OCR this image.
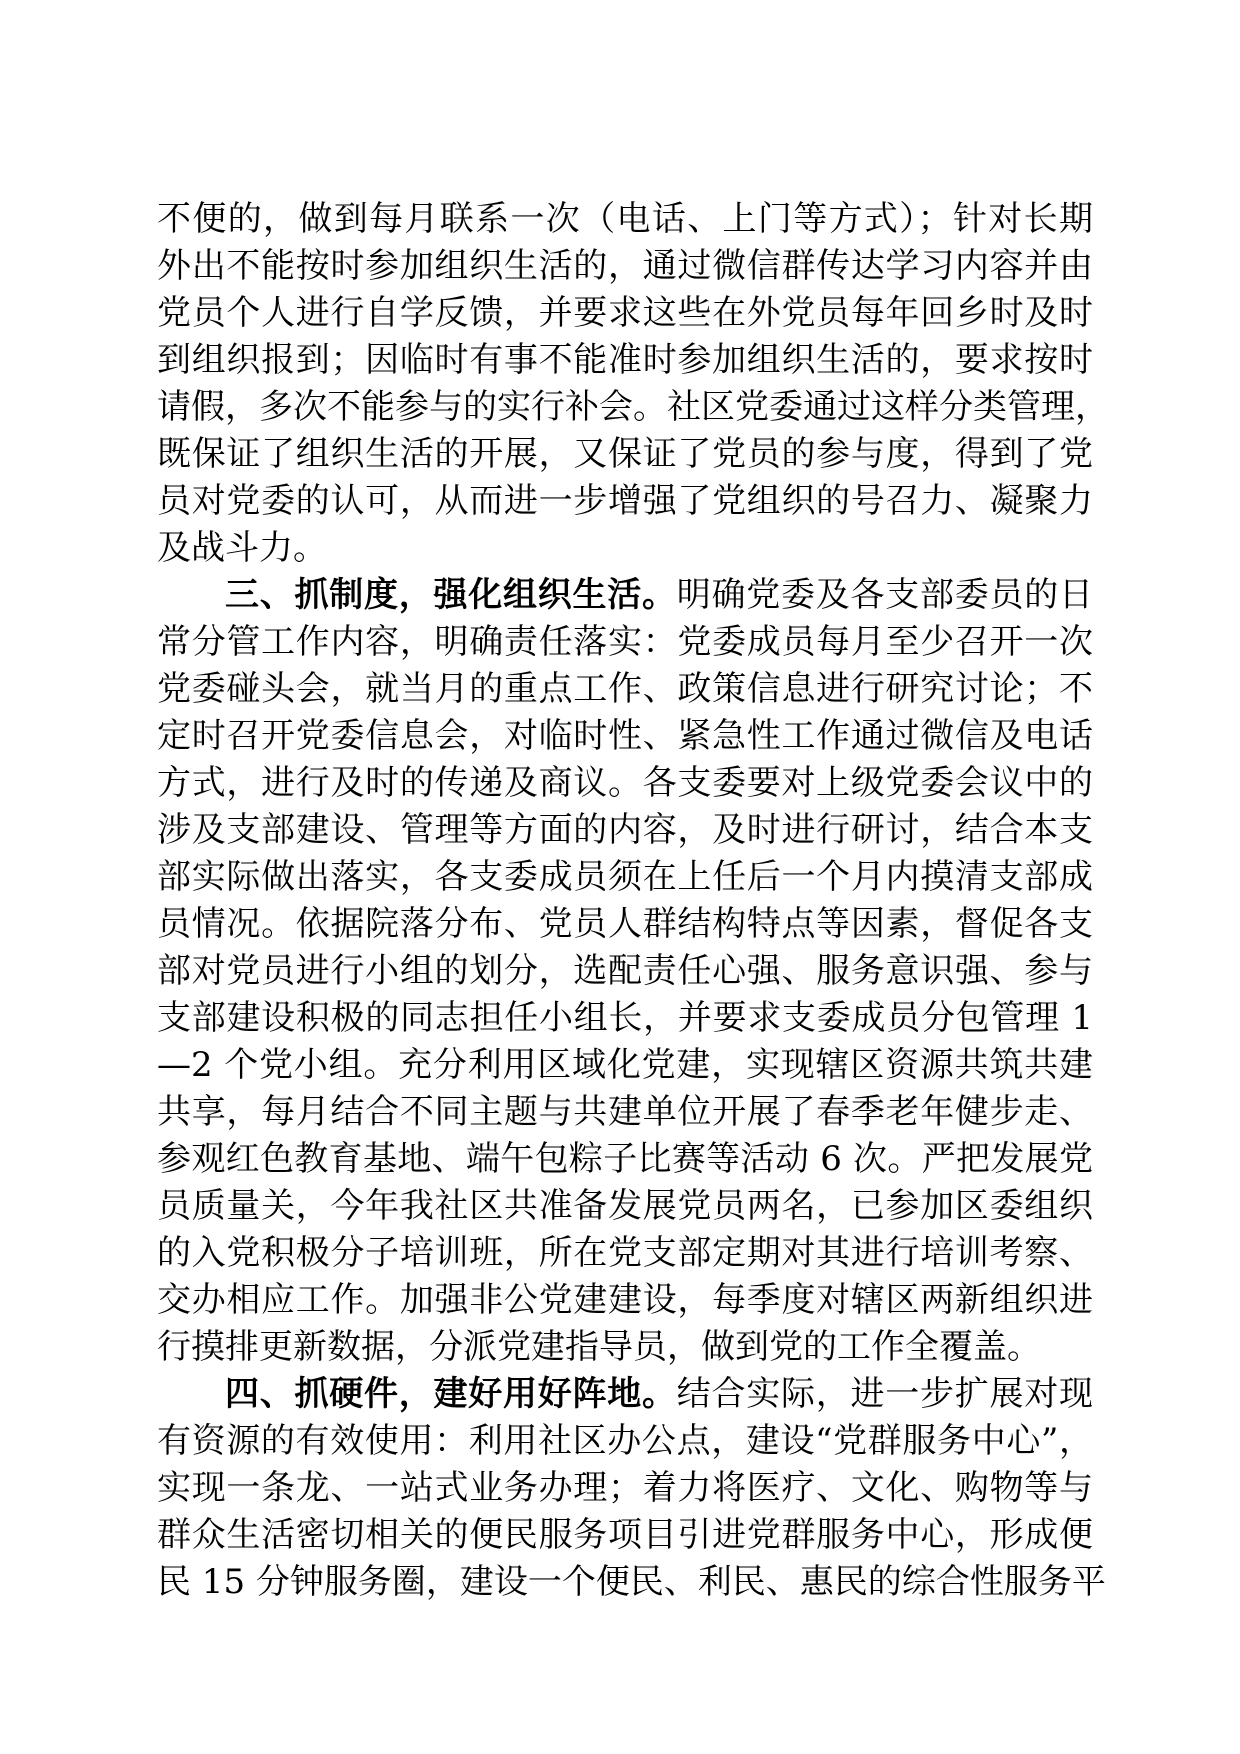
不便的，做到每月联系一次（电话、上门等方式）；针对长期
外出不能按时参加组织生活的，通过微信群传达学习内容并由
党员个人进行自学反馈，并要求这些在外党员每年回乡时及时
到组织报到；因临时有事不能准时参加组织生活的，要求按时
请假，多次不能参与的实行补会。社区党委通过这样分类管理，
既保证了组织生活的开展，又保证了党员的参与度，得到了党
员对党委的认可，从而进一步增强了党组织的号召力、凝聚力
及战斗力。
三、抓制度，强化组织生活。明确党委及各支部委员的日
常分管工作内容，明确责任落实：党委成员每月至少召开一次
党委碰头会，就当月的重点工作、政策信息进行研究讨论；不
定时召开党委信息会，对临时性、紧急性工作通过微信及电话
方式，进行及时的传递及商议。各支委要对上级党委会议中的
涉及支部建设、管理等方面的内容，及时进行研讨，结合本支
部实际做出落实，各支委成员须在上任后一个月内摸清支部成
员情况。依据院落分布、党员人群结构特点等因素，督促各支
部对党员进行小组的划分，选配责任心强、服务意识强、参与
支部建设积极的同志担任小组长，并要求支委成员分包管理 1
—2 个党小组。充分利用区域化党建，实现辖区资源共筑共建
共享，每月结合不同主题与共建单位开展了春季老年健步走、
参观红色教育基地、端午包粽子比赛等活动 6 次。严把发展党
员质量关，今年我社区共准备发展党员两名，已参加区委组织
的入党积极分子培训班，所在党支部定期对其进行培训考察、
交办相应工作。加强非公党建建设，每季度对辖区两新组织进
行摸排更新数据，分派党建指导员，做到党的工作全覆盖。
四、抓硬件，建好用好阵地。结合实际，进一步扩展对现
有资源的有效使用：利用社区办公点，建设“党群服务中心”，
实现一条龙、一站式业务办理；着力将医疗、文化、购物等与
群众生活密切相关的便民服务项目引进党群服务中心，形成便
民 15 分钟服务圈，建设一个便民、利民、惠民的综合性服务平
